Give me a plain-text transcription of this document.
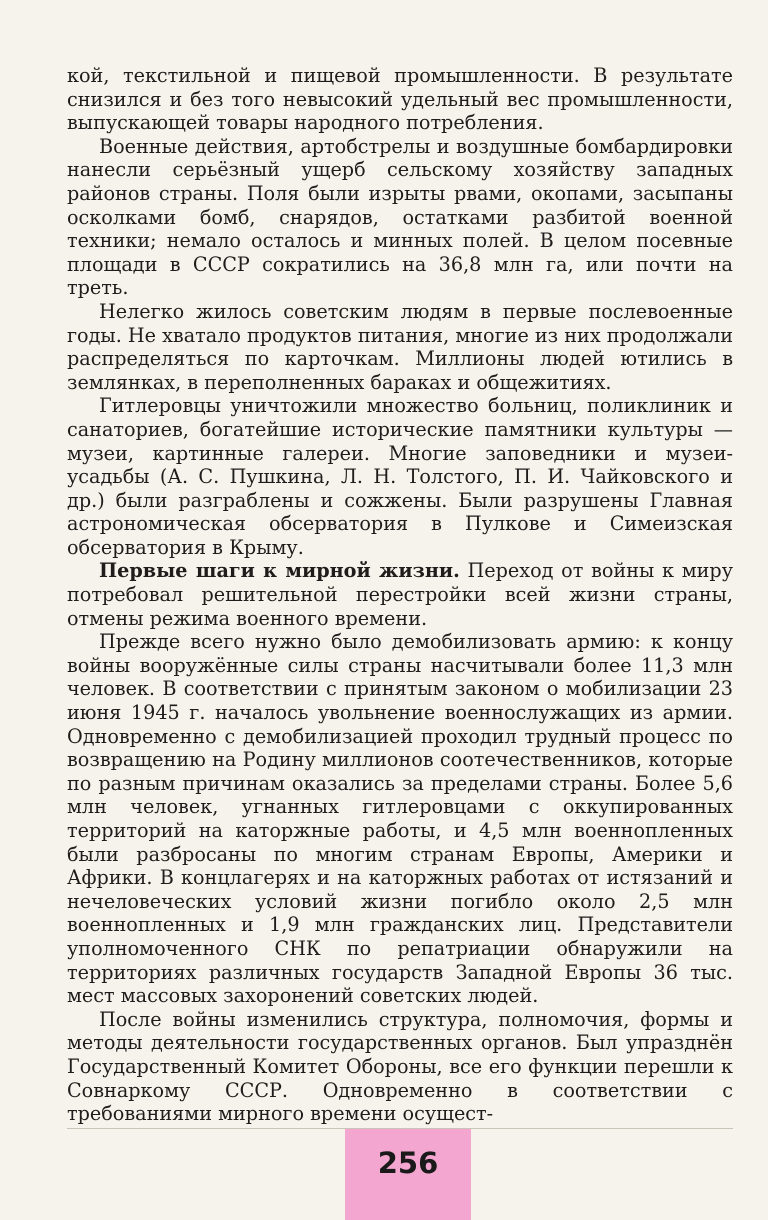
кой, текстильной и пищевой промышленности. В результате снизился и без того невысокий удельный вес промышленности, выпускающей товары народного потребления.

Военные действия, артобстрелы и воздушные бомбардировки нанесли серьёзный ущерб сельскому хозяйству западных районов страны. Поля были изрыты рвами, окопами, засыпаны осколками бомб, снарядов, остатками разбитой военной техники; немало осталось и минных полей. В целом посевные площади в СССР сократились на 36,8 млн га, или почти на треть.

Нелегко жилось советским людям в первые послевоенные годы. Не хватало продуктов питания, многие из них продолжали распределяться по карточкам. Миллионы людей ютились в землянках, в переполненных бараках и общежитиях.

Гитлеровцы уничтожили множество больниц, поликлиник и санаториев, богатейшие исторические памятники культуры — музеи, картинные галереи. Многие заповедники и музеи-усадьбы (А. С. Пушкина, Л. Н. Толстого, П. И. Чайковского и др.) были разграблены и сожжены. Были разрушены Главная астрономическая обсерватория в Пулкове и Симеизская обсерватория в Крыму.

Первые шаги к мирной жизни. Переход от войны к миру потребовал решительной перестройки всей жизни страны, отмены режима военного времени.

Прежде всего нужно было демобилизовать армию: к концу войны вооружённые силы страны насчитывали более 11,3 млн человек. В соответствии с принятым законом о мобилизации 23 июня 1945 г. началось увольнение военнослужащих из армии. Одновременно с демобилизацией проходил трудный процесс по возвращению на Родину миллионов соотечественников, которые по разным причинам оказались за пределами страны. Более 5,6 млн человек, угнанных гитлеровцами с оккупированных территорий на каторжные работы, и 4,5 млн военнопленных были разбросаны по многим странам Европы, Америки и Африки. В концлагерях и на каторжных работах от истязаний и нечеловеческих условий жизни погибло около 2,5 млн военнопленных и 1,9 млн гражданских лиц. Представители уполномоченного СНК по репатриации обнаружили на территориях различных государств Западной Европы 36 тыс. мест массовых захоронений советских людей.

После войны изменились структура, полномочия, формы и методы деятельности государственных органов. Был упразднён Государственный Комитет Обороны, все его функции перешли к Совнаркому СССР. Одновременно в соответствии с требованиями мирного времени осущест-

256
